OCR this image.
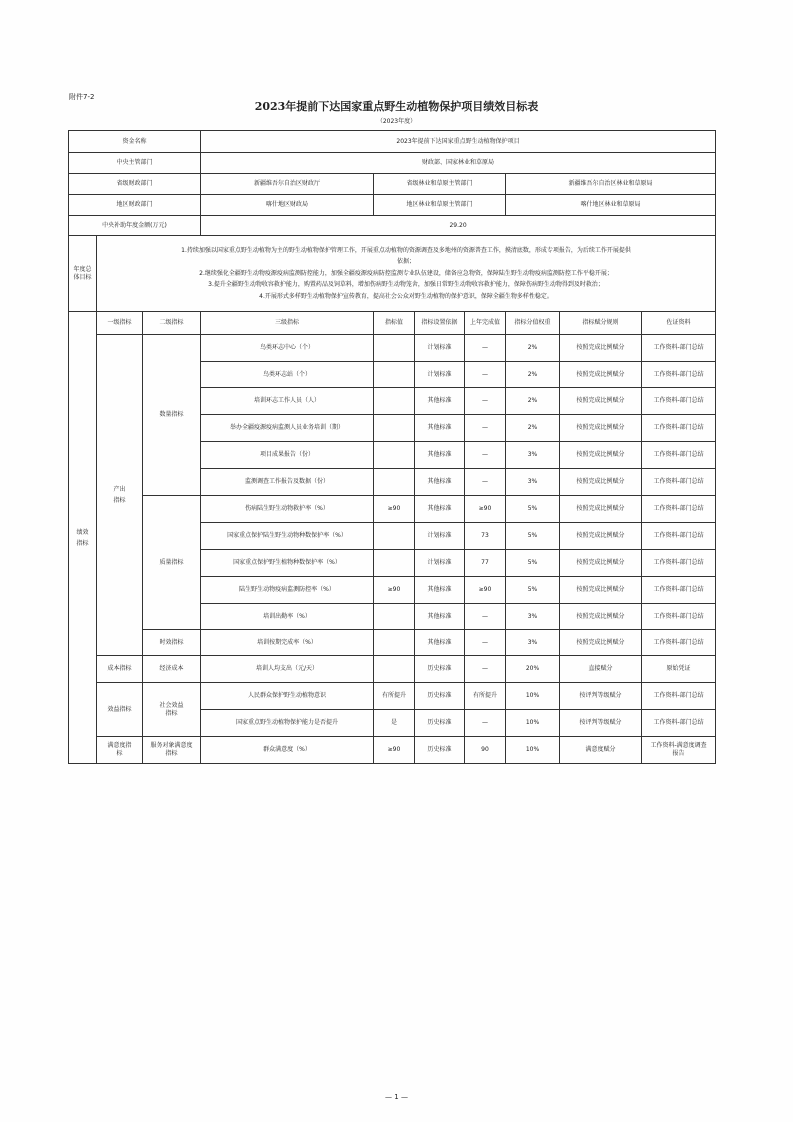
附件7-2
2023年提前下达国家重点野生动植物保护项目绩效目标表
（2023年度）
资金名称			2023年提前下达国家重点野生动植物保护项目						
中央主管部门			财政部、国家林业和草原局						
省级财政部门			新疆维吾尔自治区财政厅	省级林业和草原主管部门			新疆维吾尔自治区林业和草原局		
地区财政部门			喀什地区财政局	地区林业和草原主管部门			喀什地区林业和草原局		
中央补助年度金额(万元)			29.20						
年度总体目标	1.持续加强以国家重点野生动植物为主的野生动植物保护管理工作，开展重点动植物的资源调查及多地州的资源普查工作，摸清底数，形成专项报告，为后续工作开展提供
依据；
2.继续强化全疆野生动物疫源疫病监测防控能力，加强全疆疫源疫病防控监测专业队伍建设，储备应急物资，保障陆生野生动物疫病监测防控工作平稳开展；
3.提升全疆野生动物收容救护能力，购置药品及饲草料，增加伤病野生动物笼舍，加强日常野生动物收容救护能力，保障伤病野生动物得到及时救治；
4.开展形式多样野生动植物保护宣传教育，提高社会公众对野生动植物的保护意识，保障全疆生物多样性稳定。								

绩效指标	一级指标	二级指标	三级指标	指标值	指标设置依据	上年完成值	指标分值权重	指标赋分规则	佐证资料
	产出指标	数量指标	鸟类环志中心（个）		计划标准	—	2%	按照完成比例赋分	工作资料-部门总结
			鸟类环志站（个）		计划标准	—	2%	按照完成比例赋分	工作资料-部门总结
			培训环志工作人员（人）		其他标准	—	2%	按照完成比例赋分	工作资料-部门总结
			举办全疆疫源疫病监测人员业务培训（期）		其他标准	—	2%	按照完成比例赋分	工作资料-部门总结
			项目成果报告（份）		其他标准	—	3%	按照完成比例赋分	工作资料-部门总结
			监测调查工作报告及数据（份）		其他标准	—	3%	按照完成比例赋分	工作资料-部门总结
		质量指标	伤病陆生野生动物救护率（%）	≥90	其他标准	≥90	5%	按照完成比例赋分	工作资料-部门总结
			国家重点保护陆生野生动物种数保护率（%）		计划标准	73	5%	按照完成比例赋分	工作资料-部门总结
			国家重点保护野生植物种数保护率（%）		计划标准	77	5%	按照完成比例赋分	工作资料-部门总结
			陆生野生动物疫病监测防控率（%）	≥90	其他标准	≥90	5%	按照完成比例赋分	工作资料-部门总结
			培训出勤率（%）		其他标准	—	3%	按照完成比例赋分	工作资料-部门总结
		时效指标	培训按期完成率（%）		其他标准	—	3%	按照完成比例赋分	工作资料-部门总结
	成本指标	经济成本	培训人均支出（元/天）		历史标准	—	20%	直接赋分	原始凭证
	效益指标	社会效益指标	人民群众保护野生动植物意识	有所提升	历史标准	有所提升	10%	按评判等级赋分	工作资料-部门总结
			国家重点野生动植物保护能力是否提升	是	历史标准	—	10%	按评判等级赋分	工作资料-部门总结
	满意度指标	服务对象满意度指标	群众满意度（%）	≥90	历史标准	90	10%	满意度赋分	工作资料-满意度调查报告
— 1 —
